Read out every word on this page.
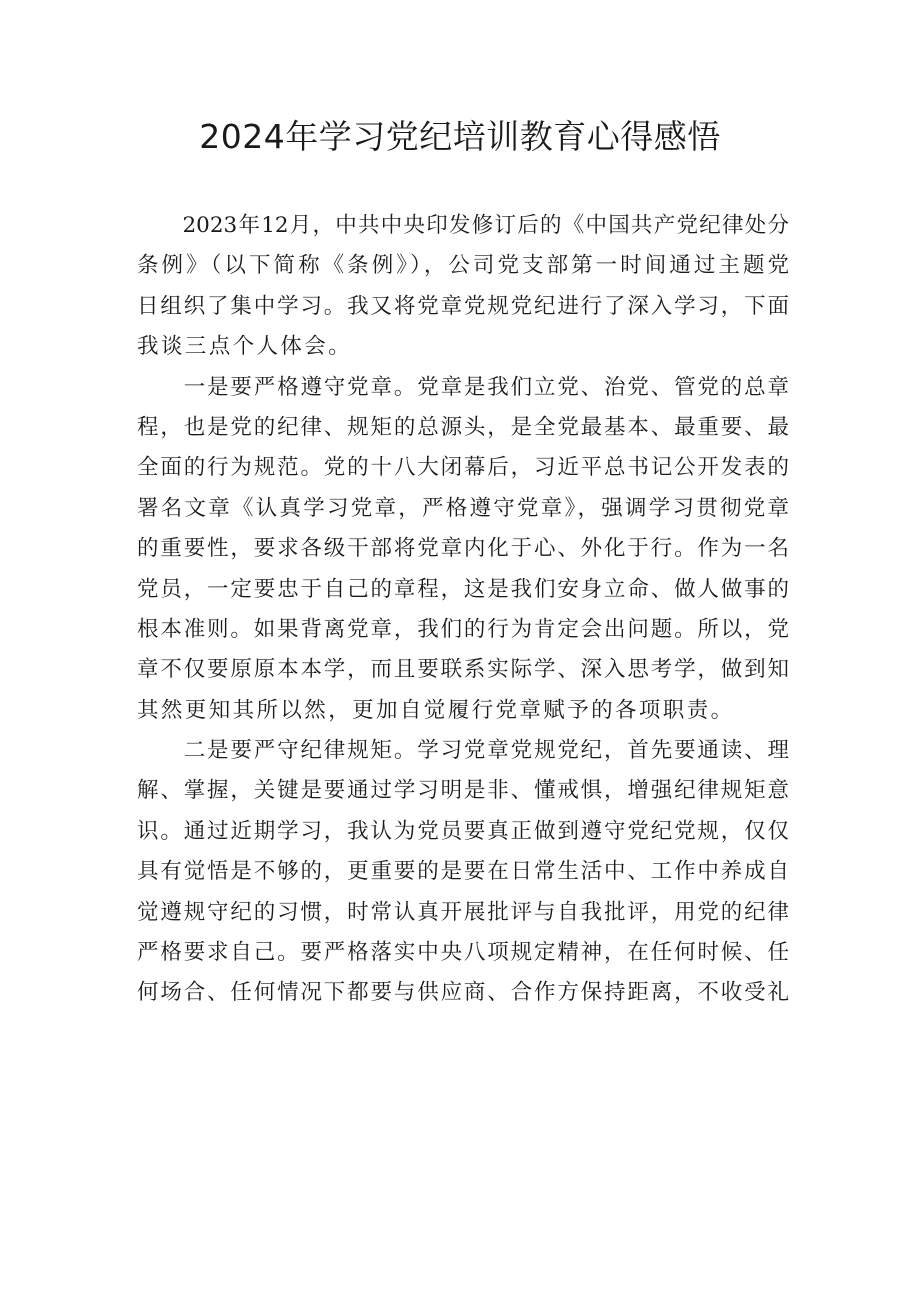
2024年学习党纪培训教育心得感悟
　　2023年12月，中共中央印发修订后的《中国共产党纪律处分
条例》（以下简称《条例》），公司党支部第一时间通过主题党
日组织了集中学习。我又将党章党规党纪进行了深入学习，下面
我谈三点个人体会。
　　一是要严格遵守党章。党章是我们立党、治党、管党的总章
程，也是党的纪律、规矩的总源头，是全党最基本、最重要、最
全面的行为规范。党的十八大闭幕后，习近平总书记公开发表的
署名文章《认真学习党章，严格遵守党章》，强调学习贯彻党章
的重要性，要求各级干部将党章内化于心、外化于行。作为一名
党员，一定要忠于自己的章程，这是我们安身立命、做人做事的
根本准则。如果背离党章，我们的行为肯定会出问题。所以，党
章不仅要原原本本学，而且要联系实际学、深入思考学，做到知
其然更知其所以然，更加自觉履行党章赋予的各项职责。
　　二是要严守纪律规矩。学习党章党规党纪，首先要通读、理
解、掌握，关键是要通过学习明是非、懂戒惧，增强纪律规矩意
识。通过近期学习，我认为党员要真正做到遵守党纪党规，仅仅
具有觉悟是不够的，更重要的是要在日常生活中、工作中养成自
觉遵规守纪的习惯，时常认真开展批评与自我批评，用党的纪律
严格要求自己。要严格落实中央八项规定精神，在任何时候、任
何场合、任何情况下都要与供应商、合作方保持距离，不收受礼
